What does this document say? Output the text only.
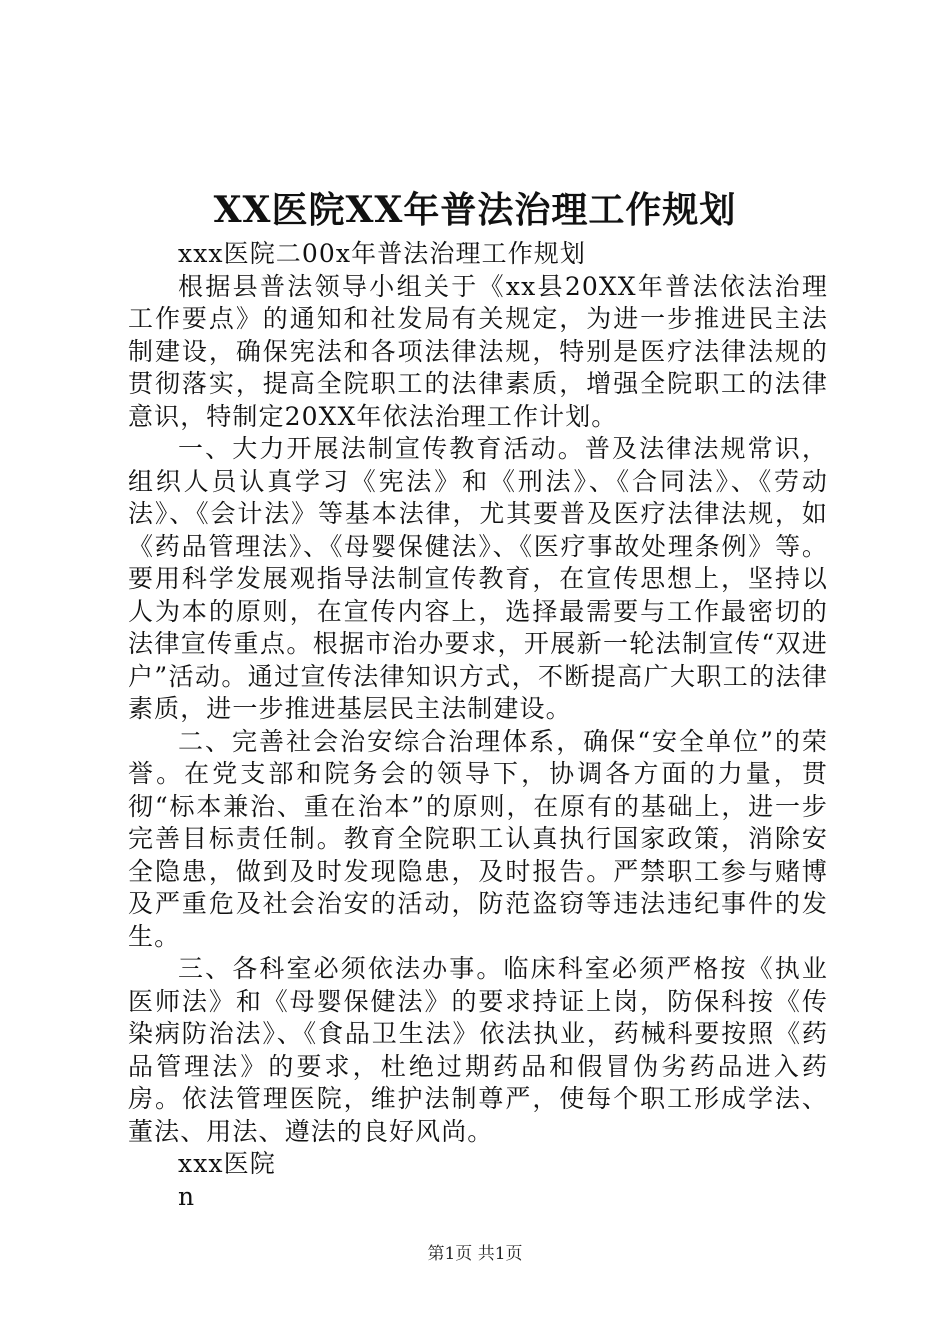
XX医院XX年普法治理工作规划

xxx医院二00x年普法治理工作规划

根据县普法领导小组关于《xx县20XX年普法依法治理工作要点》的通知和社发局有关规定，为进一步推进民主法制建设，确保宪法和各项法律法规，特别是医疗法律法规的贯彻落实，提高全院职工的法律素质，增强全院职工的法律意识，特制定20XX年依法治理工作计划。

一、大力开展法制宣传教育活动。普及法律法规常识，组织人员认真学习《宪法》和《刑法》、《合同法》、《劳动法》、《会计法》等基本法律，尤其要普及医疗法律法规，如《药品管理法》、《母婴保健法》、《医疗事故处理条例》等。要用科学发展观指导法制宣传教育，在宣传思想上，坚持以人为本的原则，在宣传内容上，选择最需要与工作最密切的法律宣传重点。根据市治办要求，开展新一轮法制宣传“双进户”活动。通过宣传法律知识方式，不断提高广大职工的法律素质，进一步推进基层民主法制建设。

二、完善社会治安综合治理体系，确保“安全单位”的荣誉。在党支部和院务会的领导下，协调各方面的力量，贯彻“标本兼治、重在治本”的原则，在原有的基础上，进一步完善目标责任制。教育全院职工认真执行国家政策，消除安全隐患，做到及时发现隐患，及时报告。严禁职工参与赌博及严重危及社会治安的活动，防范盗窃等违法违纪事件的发生。

三、各科室必须依法办事。临床科室必须严格按《执业医师法》和《母婴保健法》的要求持证上岗，防保科按《传染病防治法》、《食品卫生法》依法执业，药械科要按照《药品管理法》的要求，杜绝过期药品和假冒伪劣药品进入药房。依法管理医院，维护法制尊严，使每个职工形成学法、董法、用法、遵法的良好风尚。

xxx医院

n

第1页 共1页
